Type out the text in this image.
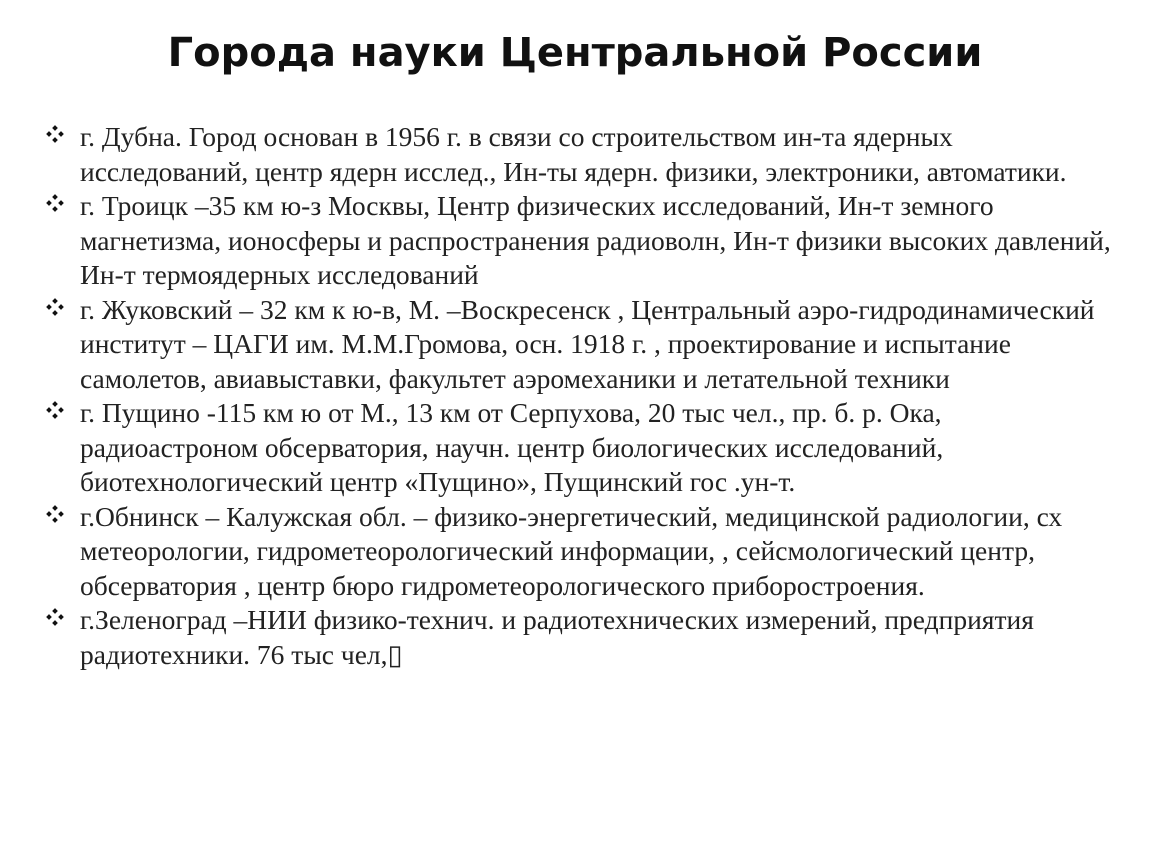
Города науки Центральной России
г. Дубна. Город основан в 1956 г. в связи со строительством ин-та ядерных исследований, центр ядерн исслед., Ин-ты ядерн. физики, электроники, автоматики.
г. Троицк –35 км ю-з Москвы, Центр физических исследований, Ин-т земного магнетизма, ионосферы и распространения радиоволн, Ин-т физики высоких давлений, Ин-т термоядерных исследований
г. Жуковский – 32 км к ю-в, М. –Воскресенск , Центральный аэро-гидродинамический институт – ЦАГИ им. М.М.Громова, осн. 1918 г. , проектирование и испытание самолетов, авиавыставки, факультет аэромеханики и летательной техники
г. Пущино -115 км ю от М., 13 км от Серпухова, 20 тыс чел., пр. б. р. Ока, радиоастроном обсерватория, научн. центр биологических исследований, биотехнологический центр «Пущино», Пущинский гос .ун-т.
г.Обнинск – Калужская обл. – физико-энергетический, медицинской радиологии, сх метеорологии, гидрометеорологический информации, , сейсмологический центр, обсерватория , центр бюро гидрометеорологического приборостроения.
г.Зеленоград –НИИ физико-технич. и радиотехнических измерений, предприятия радиотехники. 76 тыс чел,▯
